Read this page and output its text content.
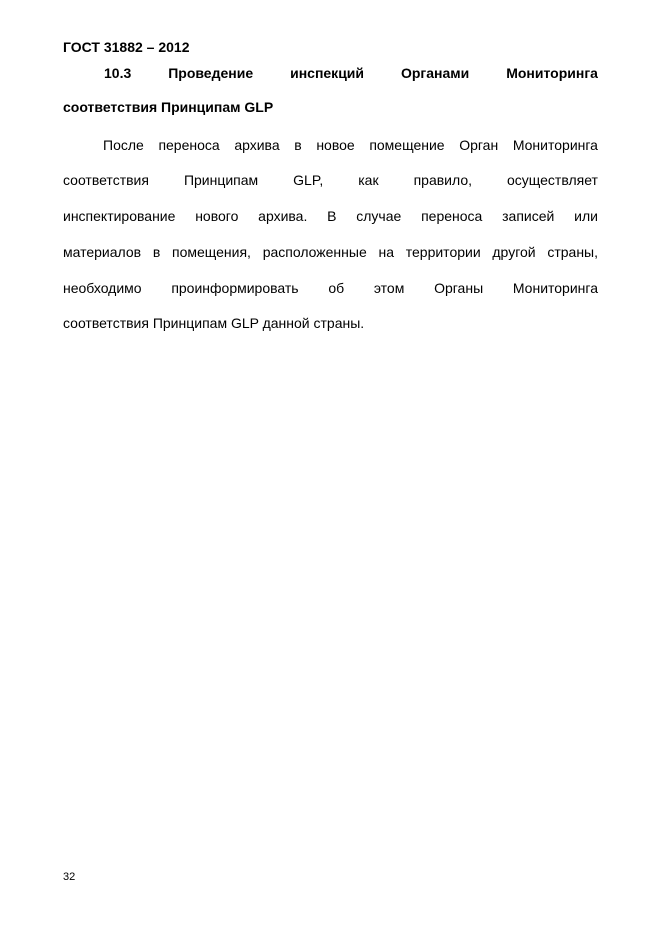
ГОСТ 31882 – 2012
10.3	Проведение	инспекций	Органами	Мониторинга
соответствия Принципам GLP
После переноса архива в новое помещение Орган Мониторинга
соответствия Принципам GLP, как правило, осуществляет
инспектирование нового архива. В случае переноса записей или
материалов в помещения, расположенные на территории другой страны,
необходимо проинформировать об этом Органы Мониторинга
соответствия Принципам GLP данной страны.
32
